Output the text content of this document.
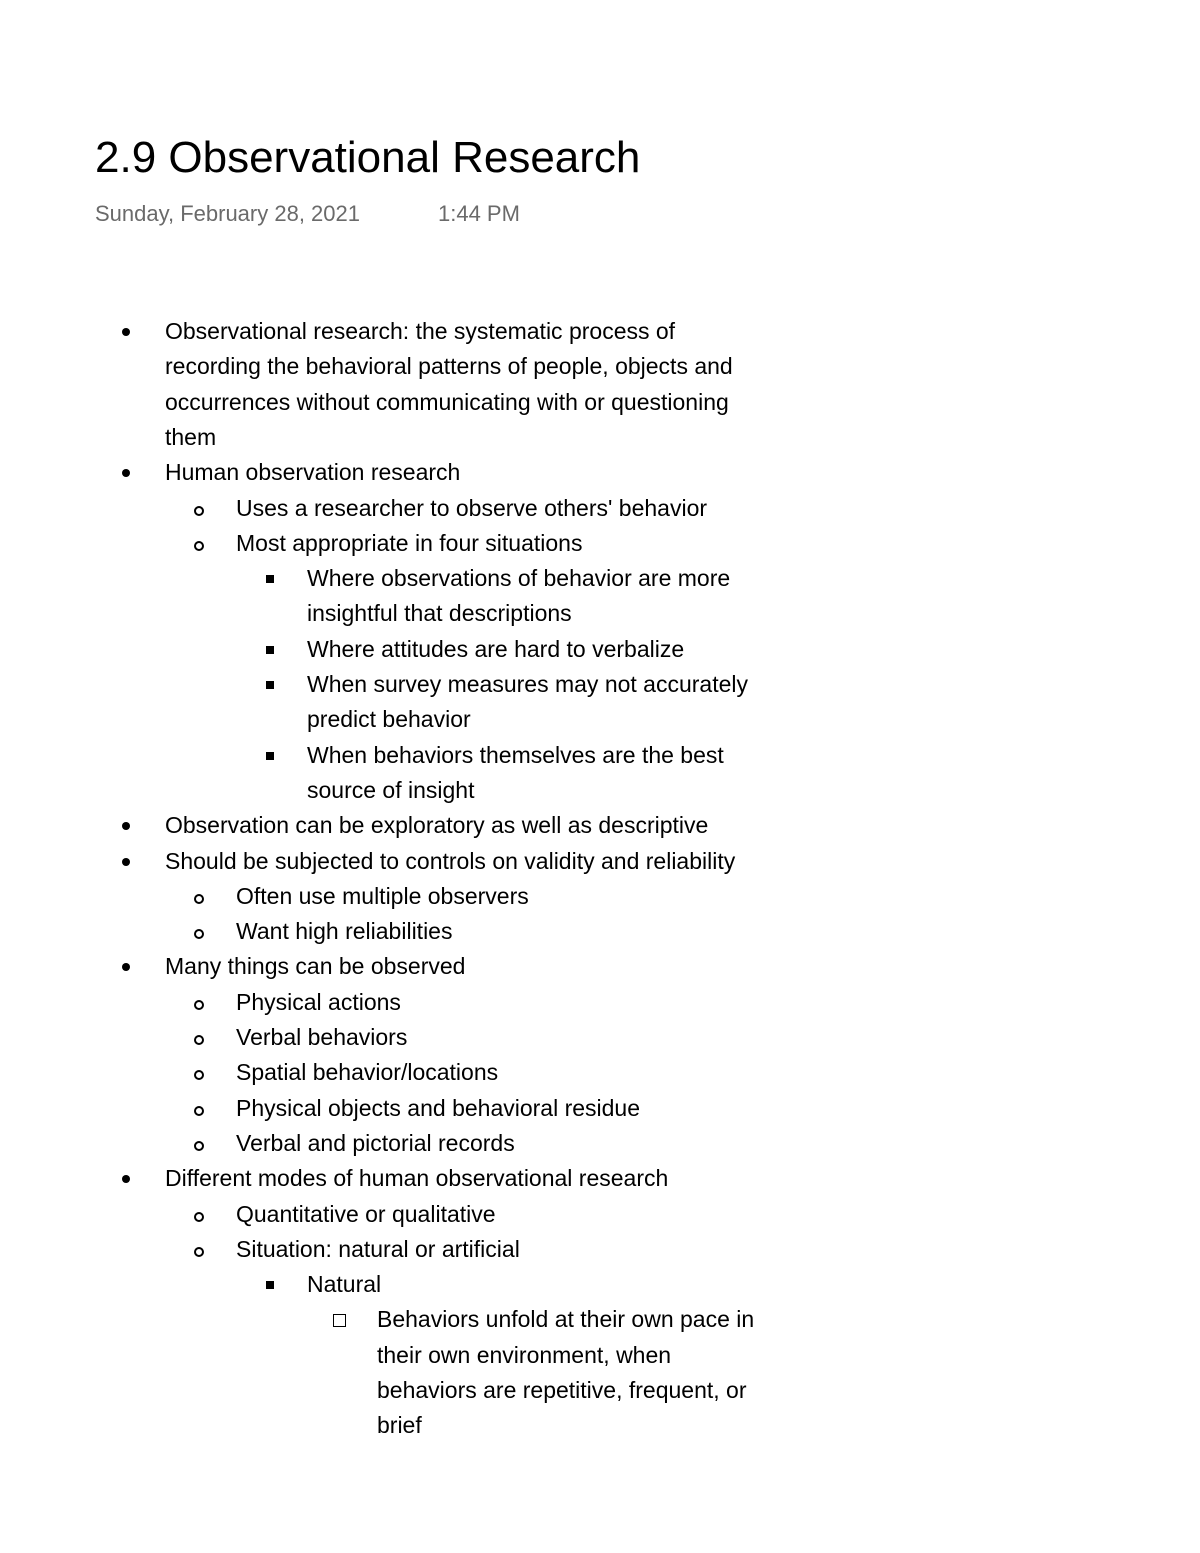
2.9 Observational Research
Sunday, February 28, 2021	1:44 PM
Observational research: the systematic process of
recording the behavioral patterns of people, objects and
occurrences without communicating with or questioning
them
Human observation research
Uses a researcher to observe others' behavior
Most appropriate in four situations
Where observations of behavior are more
insightful that descriptions
Where attitudes are hard to verbalize
When survey measures may not accurately
predict behavior
When behaviors themselves are the best
source of insight
Observation can be exploratory as well as descriptive
Should be subjected to controls on validity and reliability
Often use multiple observers
Want high reliabilities
Many things can be observed
Physical actions
Verbal behaviors
Spatial behavior/locations
Physical objects and behavioral residue
Verbal and pictorial records
Different modes of human observational research
Quantitative or qualitative
Situation: natural or artificial
Natural
Behaviors unfold at their own pace in
their own environment, when
behaviors are repetitive, frequent, or
brief
